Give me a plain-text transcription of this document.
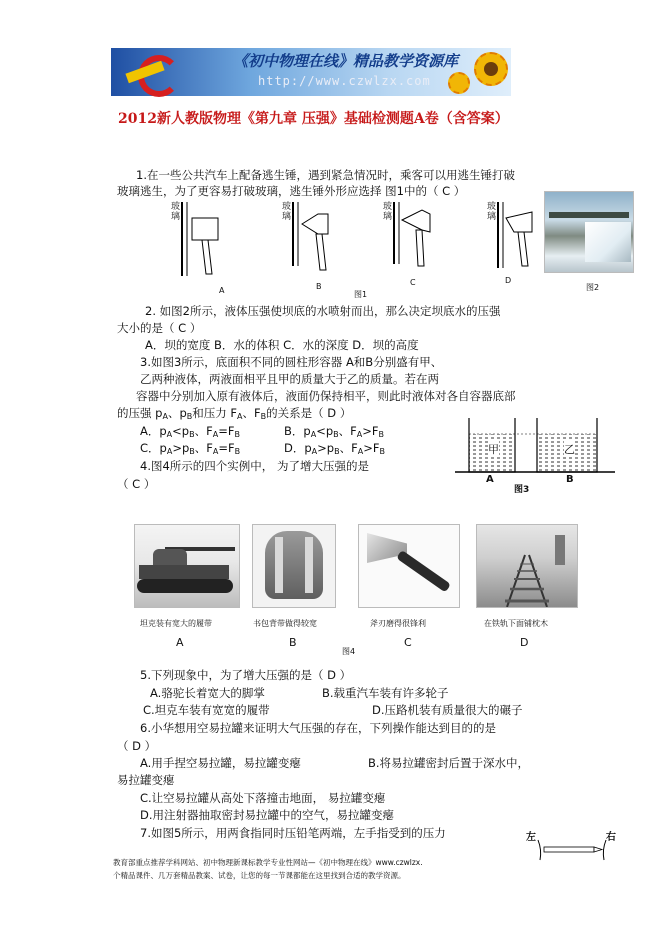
《初中物理在线》精品教学资源库
http://www.czwlzx.com
2012新人教版物理《第九章 压强》基础检测题A卷（含答案）
1.在一些公共汽车上配备逃生锤，遇到紧急情况时，乘客可以用逃生锤打破
玻璃逃生，为了更容易打破玻璃，逃生锤外形应选择 图1中的（ C ）
玻璃
玻璃
玻璃
玻璃
A	B	C	D
图1
图2
2. 如图2所示，液体压强使坝底的水喷射而出，那么决定坝底水的压强
大小的是（ C ）
A．坝的宽度 B．水的体积 C．水的深度 D．坝的高度
3.如图3所示，底面积不同的圆柱形容器 A和B分别盛有甲、
乙两种液体，两液面相平且甲的质量大于乙的质量。若在两
容器中分别加入原有液体后，液面仍保持相平，则此时液体对各自容器底部
的压强 $p_A$、$p_B$和压力 $F_A$、$F_B$的关系是（ D ）
A．$p_A<p_B$、$F_A=F_B$	B．$p_A<p_B$、$F_A>F_B$
C．$p_A>p_B$、$F_A=F_B$	D．$p_A>p_B$、$F_A>F_B$	甲	乙
A	B
图3
4.图4所示的四个实例中， 为了增大压强的是
（ C ）
坦克装有宽大的履带	书包背带做得较宽	斧刃磨得很锋利	在铁轨下面铺枕木
A	B	C	D
图4
5.下列现象中，为了增大压强的是（ D ）
A.骆驼长着宽大的脚掌	B.载重汽车装有许多轮子
C.坦克车装有宽宽的履带	D.压路机装有质量很大的碾子
6.小华想用空易拉罐来证明大气压强的存在，下列操作能达到目的的是
（ D ）
A.用手捏空易拉罐，易拉罐变瘪	B.将易拉罐密封后置于深水中，
易拉罐变瘪
C.让空易拉罐从高处下落撞击地面， 易拉罐变瘪
D.用注射器抽取密封易拉罐中的空气，易拉罐变瘪
7.如图5所示，用两食指同时压铅笔两端，左手指受到的压力	左	右
教育部重点推荐学科网站、初中物理新课标教学专业性网站—《初中物理在线》www.czwlzx.
个精品课件、几万套精品教案、试卷，让您的每一节课都能在这里找到合适的教学资源。
